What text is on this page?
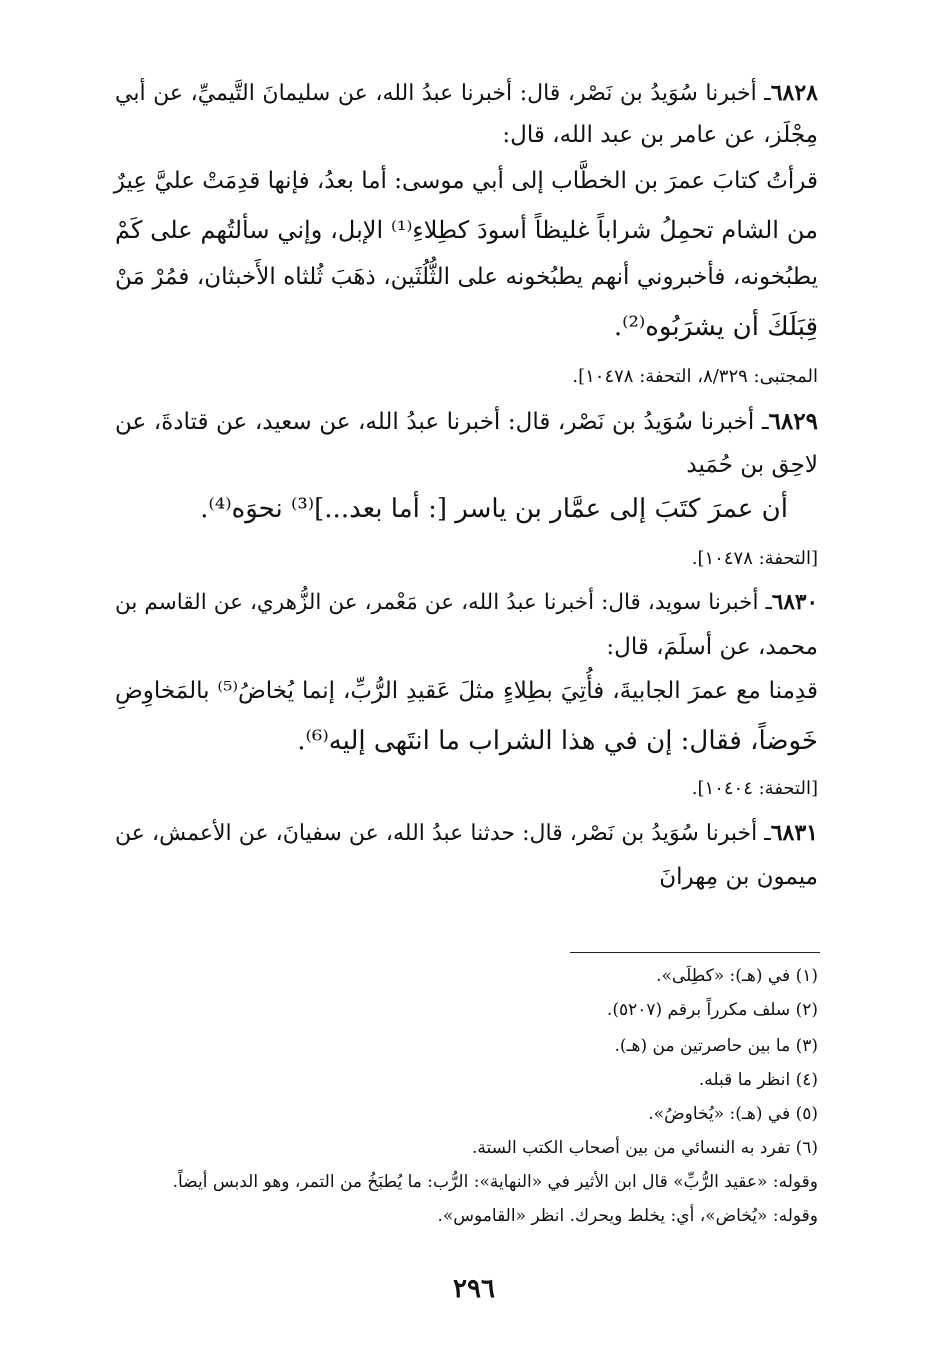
٦٨٢٨ـ أخبرنا سُوَيدُ بن نَصْر، قال: أخبرنا عبدُ الله، عن سليمانَ التَّيميِّ، عن أبي
مِجْلَز، عن عامر بن عبد الله، قال:
قرأتُ كتابَ عمرَ بن الخطَّاب إلى أبي موسى: أما بعدُ، فإنها قدِمَتْ عليَّ عِيرٌ
من الشام تحمِلُ شراباً غليظاً أسودَ كطِلاءِ⁽¹⁾ الإبل، وإني سألتُهم على كَمْ
يطبُخونه، فأخبروني أنهم يطبُخونه على الثُّلُثَين، ذهَبَ ثُلثاه الأَخبثان، فمُرْ مَنْ
قِبَلَكَ أن يشرَبُوه⁽²⁾.
المجتبى: ٨/٣٢٩، التحفة: ١٠٤٧٨].
٦٨٢٩ـ أخبرنا سُوَيدُ بن نَصْر، قال: أخبرنا عبدُ الله، عن سعيد، عن قتادةَ، عن
لاحِق بن حُمَيد
أن عمرَ كتَبَ إلى عمَّار بن ياسر [: أما بعد...]⁽³⁾ نحوَه⁽⁴⁾.
[التحفة: ١٠٤٧٨].
٦٨٣٠ـ أخبرنا سويد، قال: أخبرنا عبدُ الله، عن مَعْمر، عن الزُّهري، عن القاسم بن
محمد، عن أسلَمَ، قال:
قدِمنا مع عمرَ الجابيةَ، فأُتِيَ بطِلاءٍ مثلَ عَقيدِ الرُّبِّ، إنما يُخاضُ⁽⁵⁾ بالمَخاوِضِ
خَوضاً، فقال: إن في هذا الشراب ما انتَهى إليه⁽⁶⁾.
[التحفة: ١٠٤٠٤].
٦٨٣١ـ أخبرنا سُوَيدُ بن نَصْر، قال: حدثنا عبدُ الله، عن سفيانَ، عن الأعمش، عن
ميمون بن مِهرانَ
(١) في (هـ): «كطِلَى».
(٢) سلف مكرراً برقم (٥٢٠٧).
(٣) ما بين حاصرتين من (هـ).
(٤) انظر ما قبله.
(٥) في (هـ): «يُخاوضُ».
(٦) تفرد به النسائي من بين أصحاب الكتب الستة.
وقوله: «عقيد الرُّبِّ» قال ابن الأثير في «النهاية»: الرُّب: ما يُطبَخُ من التمر، وهو الدبس أيضاً.
وقوله: «يُخاض»، أي: يخلط ويحرك. انظر «القاموس».
٢٩٦
